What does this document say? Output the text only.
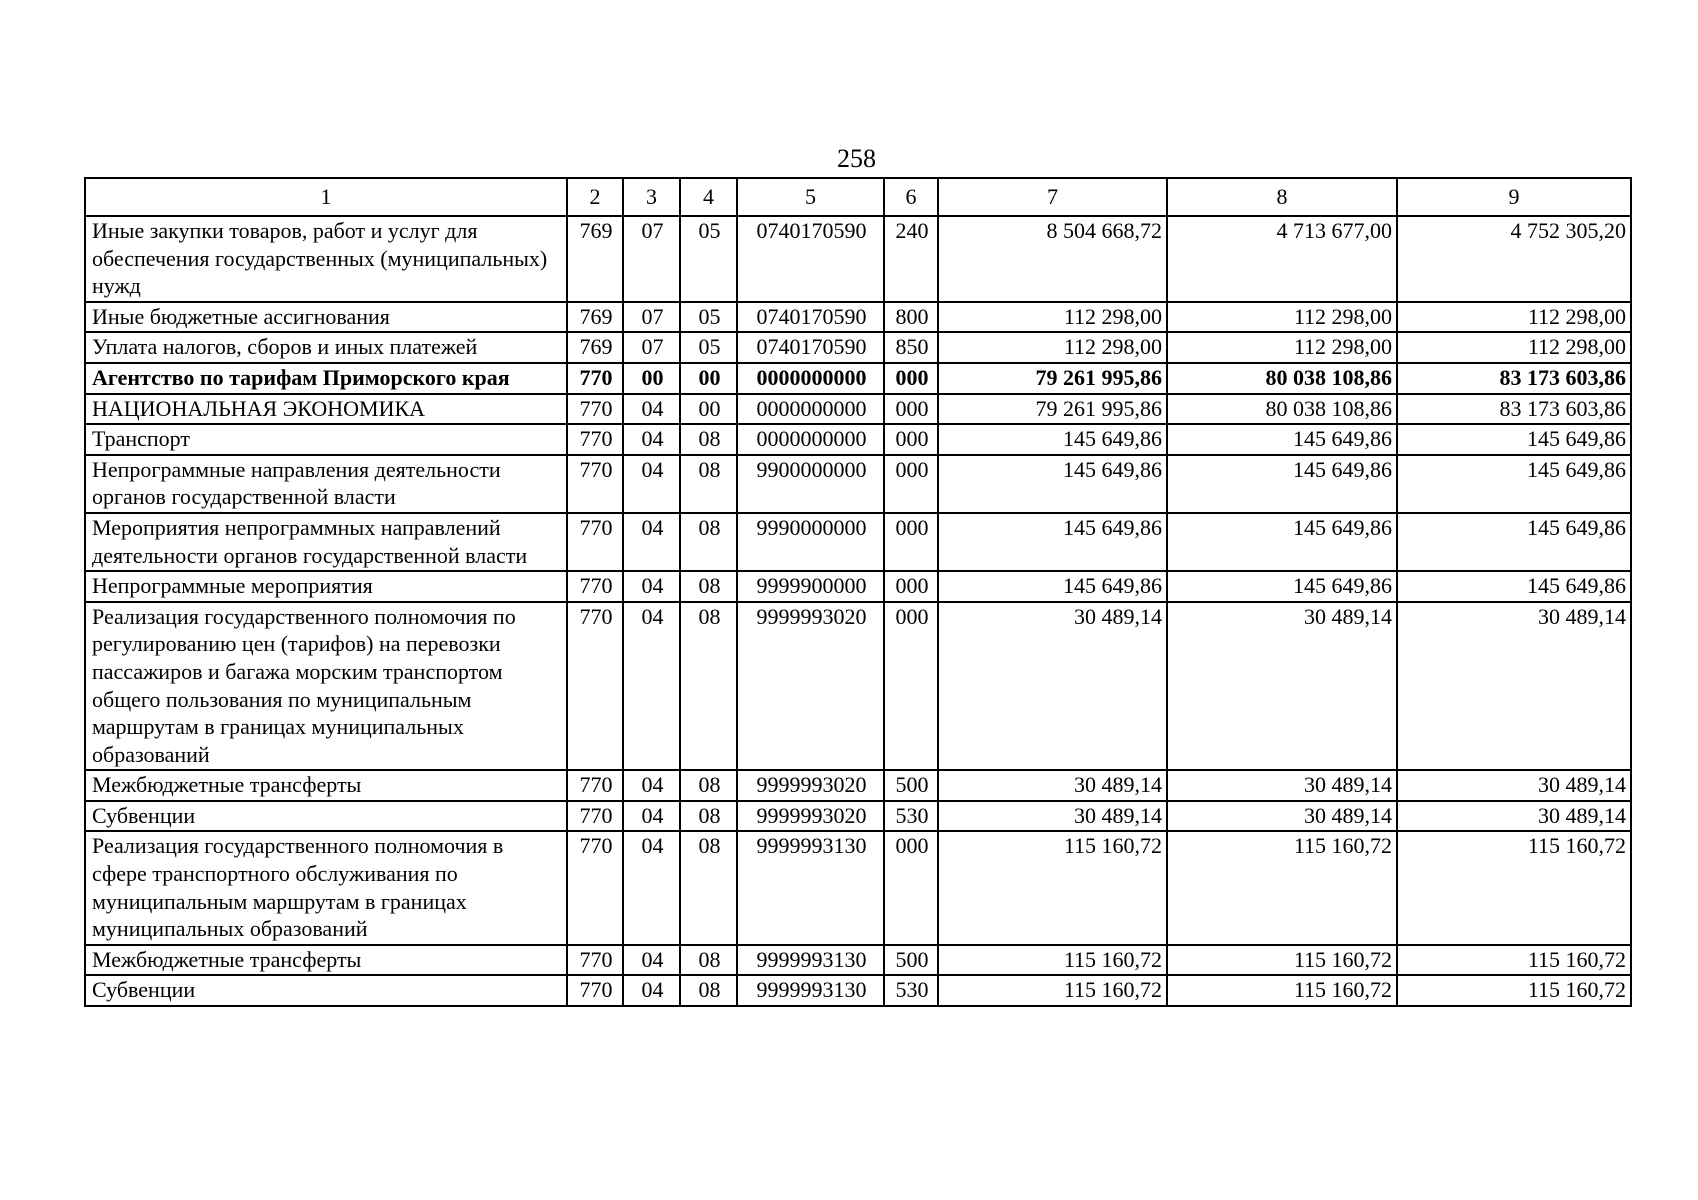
258
1	2	3	4	5	6	7	8	9
Иные закупки товаров, работ и услуг для обеспечения государственных (муниципальных) нужд	769	07	05	0740170590	240	8 504 668,72	4 713 677,00	4 752 305,20
Иные бюджетные ассигнования	769	07	05	0740170590	800	112 298,00	112 298,00	112 298,00
Уплата налогов, сборов и иных платежей	769	07	05	0740170590	850	112 298,00	112 298,00	112 298,00
Агентство по тарифам Приморского края	770	00	00	0000000000	000	79 261 995,86	80 038 108,86	83 173 603,86
НАЦИОНАЛЬНАЯ ЭКОНОМИКА	770	04	00	0000000000	000	79 261 995,86	80 038 108,86	83 173 603,86
Транспорт	770	04	08	0000000000	000	145 649,86	145 649,86	145 649,86
Непрограммные направления деятельности органов государственной власти	770	04	08	9900000000	000	145 649,86	145 649,86	145 649,86
Мероприятия непрограммных направлений деятельности органов государственной власти	770	04	08	9990000000	000	145 649,86	145 649,86	145 649,86
Непрограммные мероприятия	770	04	08	9999900000	000	145 649,86	145 649,86	145 649,86
Реализация государственного полномочия по регулированию цен (тарифов) на перевозки пассажиров и багажа морским транспортом общего пользования по муниципальным маршрутам в границах муниципальных образований	770	04	08	9999993020	000	30 489,14	30 489,14	30 489,14
Межбюджетные трансферты	770	04	08	9999993020	500	30 489,14	30 489,14	30 489,14
Субвенции	770	04	08	9999993020	530	30 489,14	30 489,14	30 489,14
Реализация государственного полномочия в сфере транспортного обслуживания по муниципальным маршрутам в границах муниципальных образований	770	04	08	9999993130	000	115 160,72	115 160,72	115 160,72
Межбюджетные трансферты	770	04	08	9999993130	500	115 160,72	115 160,72	115 160,72
Субвенции	770	04	08	9999993130	530	115 160,72	115 160,72	115 160,72
